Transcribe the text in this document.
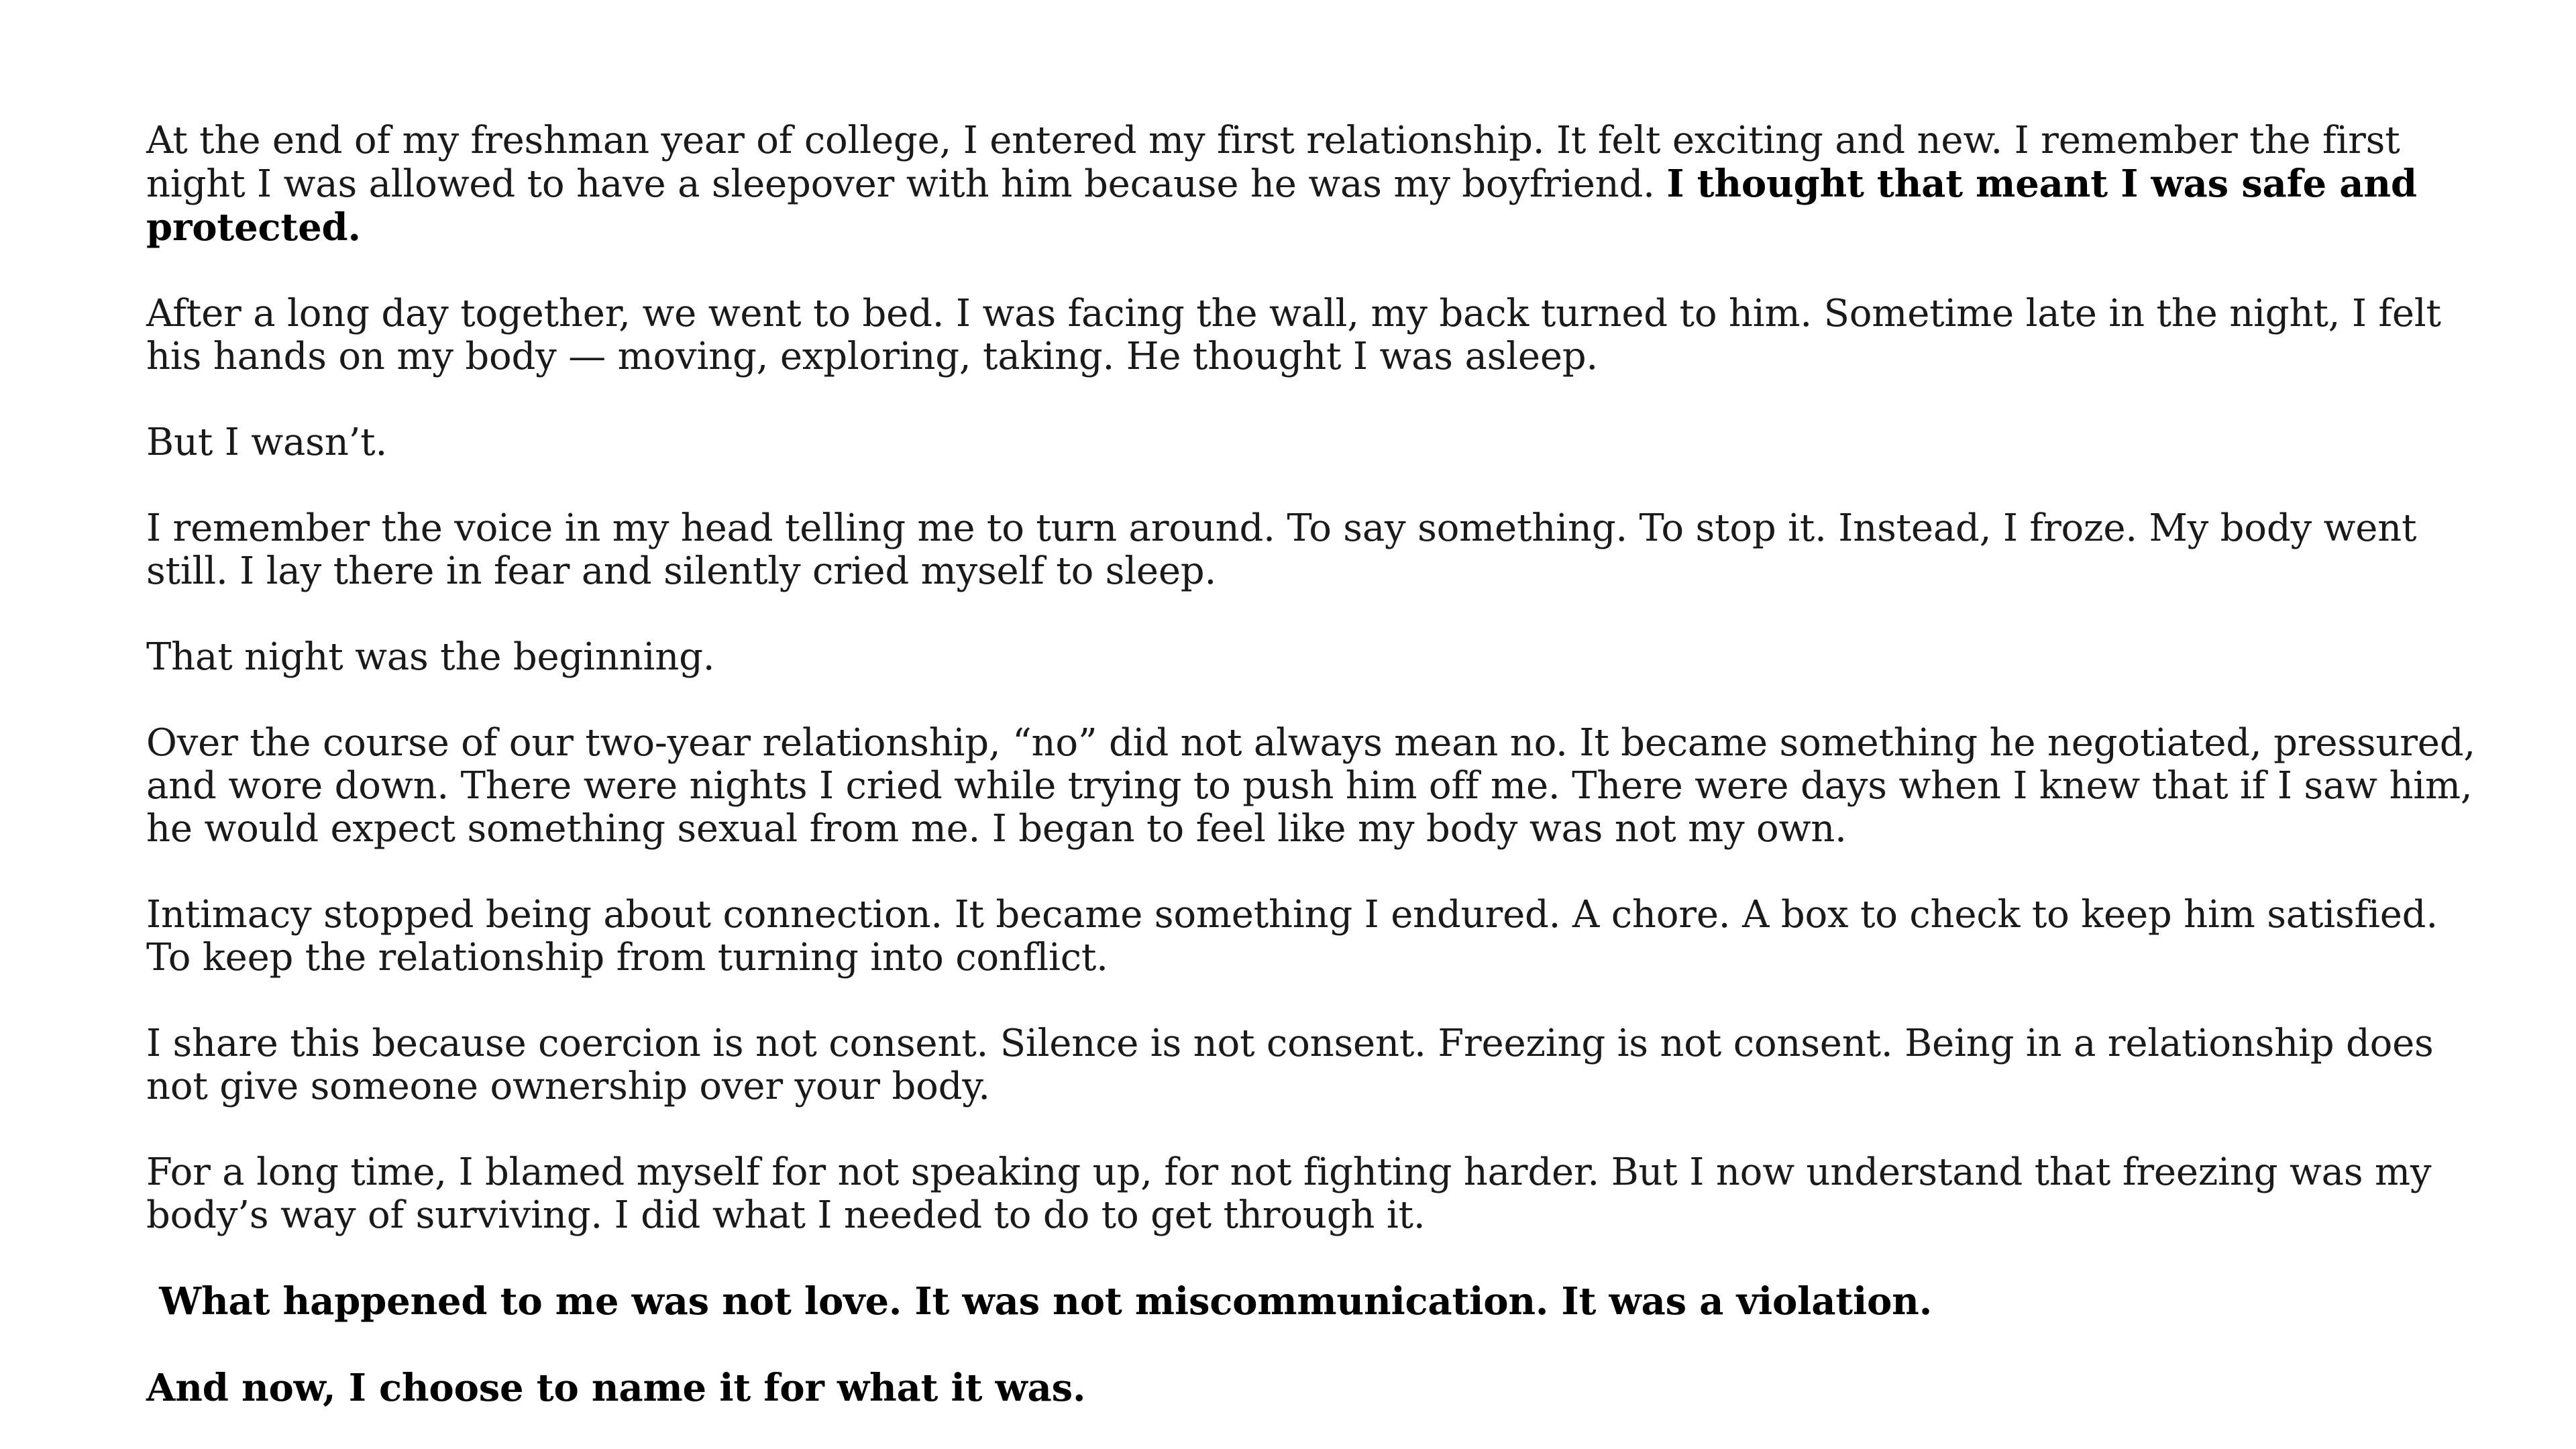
At the end of my freshman year of college, I entered my first relationship. It felt exciting and new. I remember the first night I was allowed to have a sleepover with him because he was my boyfriend. I thought that meant I was safe and protected.

After a long day together, we went to bed. I was facing the wall, my back turned to him. Sometime late in the night, I felt his hands on my body — moving, exploring, taking. He thought I was asleep.

But I wasn’t.

I remember the voice in my head telling me to turn around. To say something. To stop it. Instead, I froze. My body went still. I lay there in fear and silently cried myself to sleep.

That night was the beginning.

Over the course of our two-year relationship, “no” did not always mean no. It became something he negotiated, pressured, and wore down. There were nights I cried while trying to push him off me. There were days when I knew that if I saw him, he would expect something sexual from me. I began to feel like my body was not my own.

Intimacy stopped being about connection. It became something I endured. A chore. A box to check to keep him satisfied. To keep the relationship from turning into conflict.

I share this because coercion is not consent. Silence is not consent. Freezing is not consent. Being in a relationship does not give someone ownership over your body.

For a long time, I blamed myself for not speaking up, for not fighting harder. But I now understand that freezing was my body’s way of surviving. I did what I needed to do to get through it.

What happened to me was not love. It was not miscommunication. It was a violation.

And now, I choose to name it for what it was.
